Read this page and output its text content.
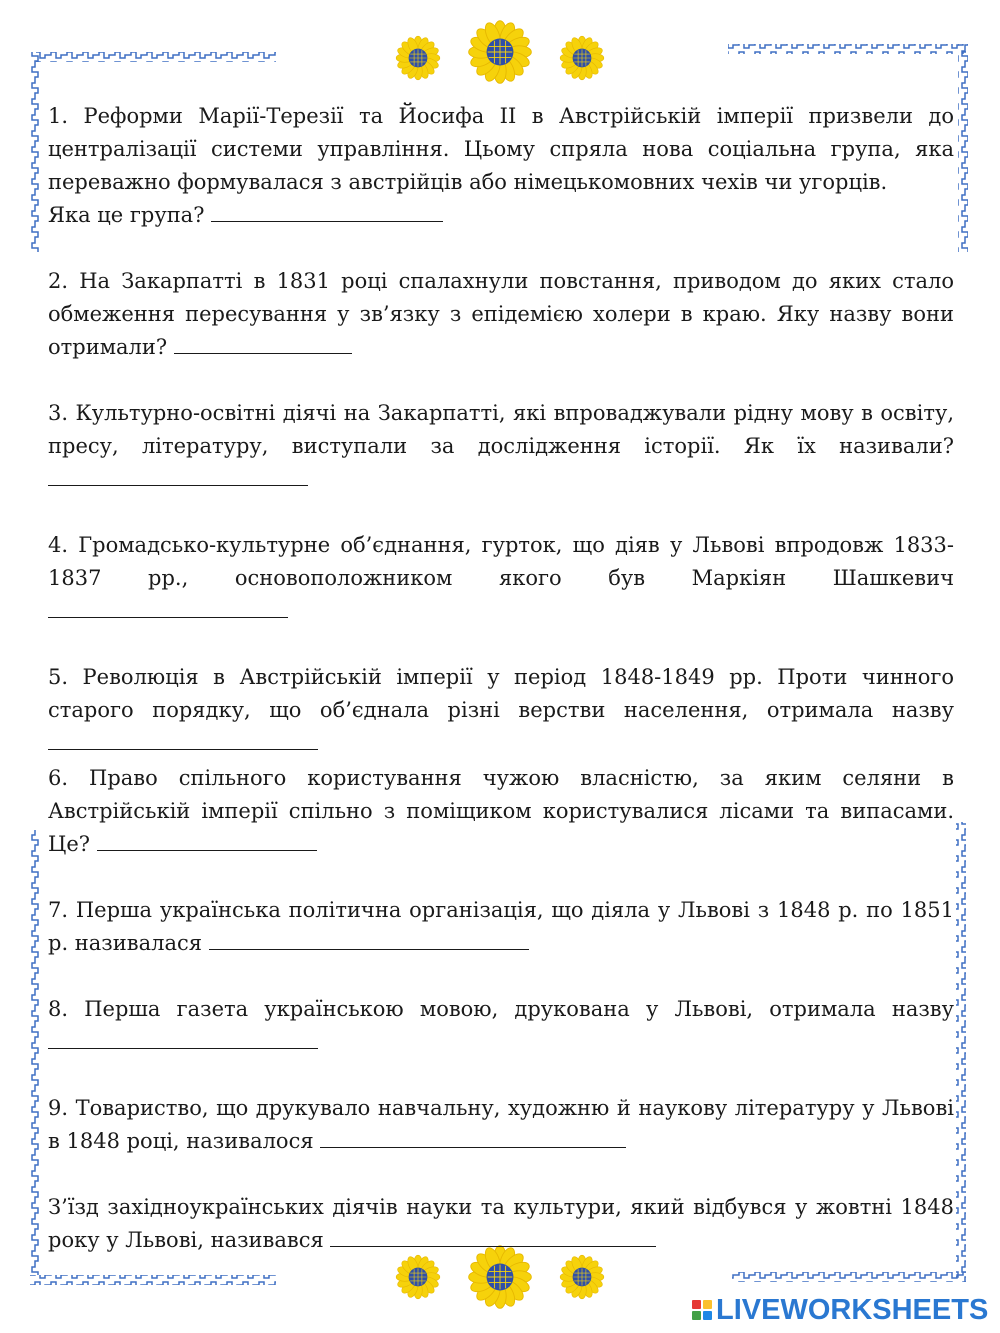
1. Реформи Марії-Терезії та Йосифа ІІ в Австрійській імперії призвели до централізації системи управління. Цьому спряла нова соціальна група, яка переважно формувалася з австрійців або німецькомовних чехів чи угорців.
Яка це група?
2. На Закарпатті в 1831 році спалахнули повстання, приводом до яких стало обмеження пересування у зв’язку з епідемією холери в краю. Яку назву вони отримали?
3. Культурно-освітні діячі на Закарпатті, які впроваджували рідну мову в освіту, пресу, літературу, виступали за дослідження історії. Як їх називали?
4. Громадсько-культурне об’єднання, гурток, що діяв у Львові впродовж 1833-1837 рр., основоположником якого був Маркіян Шашкевич
5. Революція в Австрійській імперії у період 1848-1849 рр. Проти чинного старого порядку, що об’єднала різні верстви населення, отримала назву
6. Право спільного користування чужою власністю, за яким селяни в Австрійській імперії спільно з поміщиком користувалися лісами та випасами. Це?
7. Перша українська політична організація, що діяла у Львові з 1848 р. по 1851 р. називалася
8. Перша газета українською мовою, друкована у Львові, отримала назву
9. Товариство, що друкувало навчальну, художню й наукову літературу у Львові в 1848 році, називалося
З’їзд західноукраїнських діячів науки та культури, який відбувся у жовтні 1848 року у Львові, називався
LIVEWORKSHEETS
